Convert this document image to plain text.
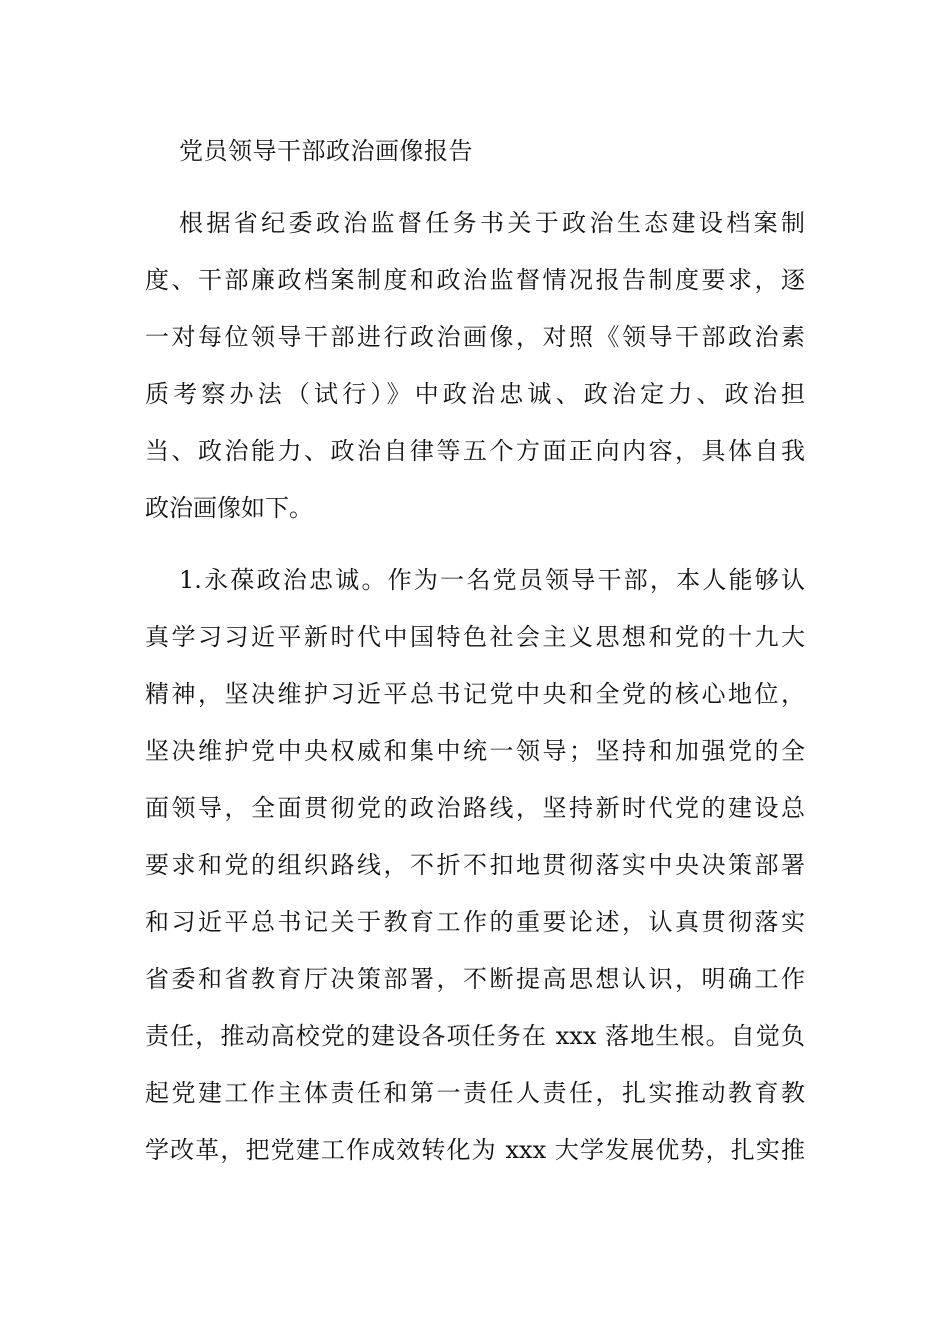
党员领导干部政治画像报告
根据省纪委政治监督任务书关于政治生态建设档案制
度、干部廉政档案制度和政治监督情况报告制度要求，逐
一对每位领导干部进行政治画像，对照《领导干部政治素
质考察办法（试行）》中政治忠诚、政治定力、政治担
当、政治能力、政治自律等五个方面正向内容，具体自我
政治画像如下。
1.永葆政治忠诚。作为一名党员领导干部，本人能够认
真学习习近平新时代中国特色社会主义思想和党的十九大
精神，坚决维护习近平总书记党中央和全党的核心地位，
坚决维护党中央权威和集中统一领导；坚持和加强党的全
面领导，全面贯彻党的政治路线，坚持新时代党的建设总
要求和党的组织路线，不折不扣地贯彻落实中央决策部署
和习近平总书记关于教育工作的重要论述，认真贯彻落实
省委和省教育厅决策部署，不断提高思想认识，明确工作
责任，推动高校党的建设各项任务在 xxx 落地生根。自觉负
起党建工作主体责任和第一责任人责任，扎实推动教育教
学改革，把党建工作成效转化为 xxx 大学发展优势，扎实推
